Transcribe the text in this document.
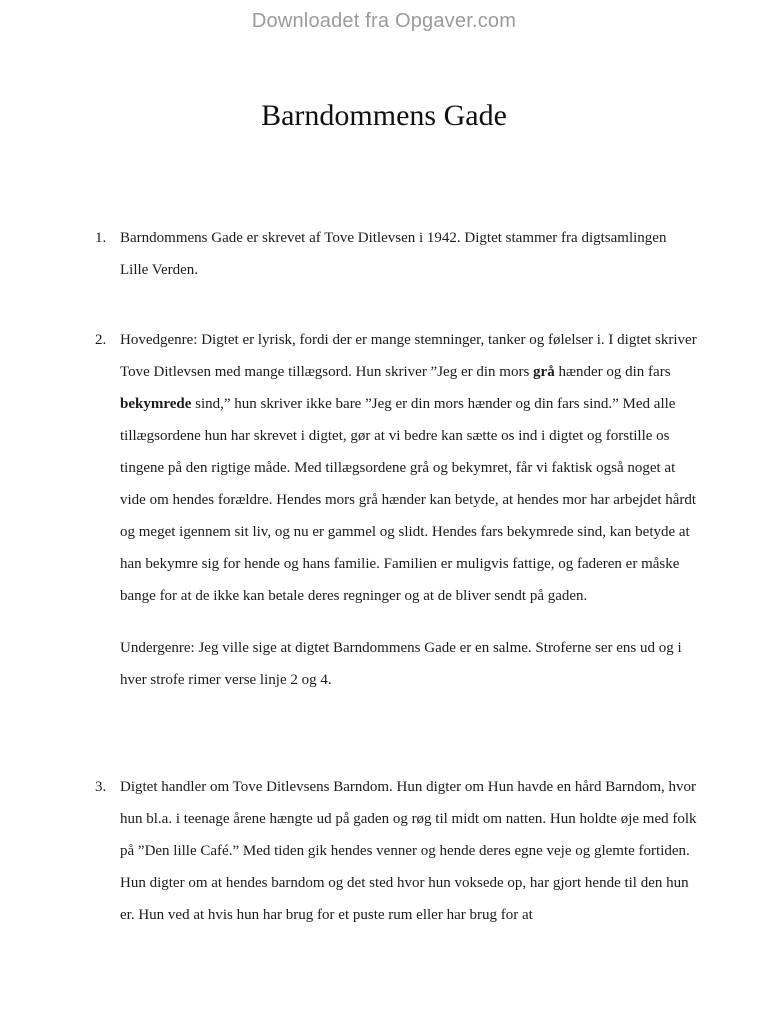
Downloadet fra Opgaver.com
Barndommens Gade
1. Barndommens Gade er skrevet af Tove Ditlevsen i 1942. Digtet stammer fra digtsamlingen Lille Verden.

2. Hovedgenre: Digtet er lyrisk, fordi der er mange stemninger, tanker og følelser i. I digtet skriver Tove Ditlevsen med mange tillægsord. Hun skriver ”Jeg er din mors grå hænder og din fars bekymrede sind,” hun skriver ikke bare ”Jeg er din mors hænder og din fars sind.” Med alle tillægsordene hun har skrevet i digtet, gør at vi bedre kan sætte os ind i digtet og forstille os tingene på den rigtige måde. Med tillægsordene grå og bekymret, får vi faktisk også noget at vide om hendes forældre. Hendes mors grå hænder kan betyde, at hendes mor har arbejdet hårdt og meget igennem sit liv, og nu er gammel og slidt. Hendes fars bekymrede sind, kan betyde at han bekymre sig for hende og hans familie. Familien er muligvis fattige, og faderen er måske bange for at de ikke kan betale deres regninger og at de bliver sendt på gaden.

Undergenre: Jeg ville sige at digtet Barndommens Gade er en salme. Stroferne ser ens ud og i hver strofe rimer verse linje 2 og 4.

3. Digtet handler om Tove Ditlevsens Barndom. Hun digter om Hun havde en hård Barndom, hvor hun bl.a. i teenage årene hængte ud på gaden og røg til midt om natten. Hun holdte øje med folk på ”Den lille Café.” Med tiden gik hendes venner og hende deres egne veje og glemte fortiden. Hun digter om at hendes barndom og det sted hvor hun voksede op, har gjort hende til den hun er. Hun ved at hvis hun har brug for et puste rum eller har brug for at
